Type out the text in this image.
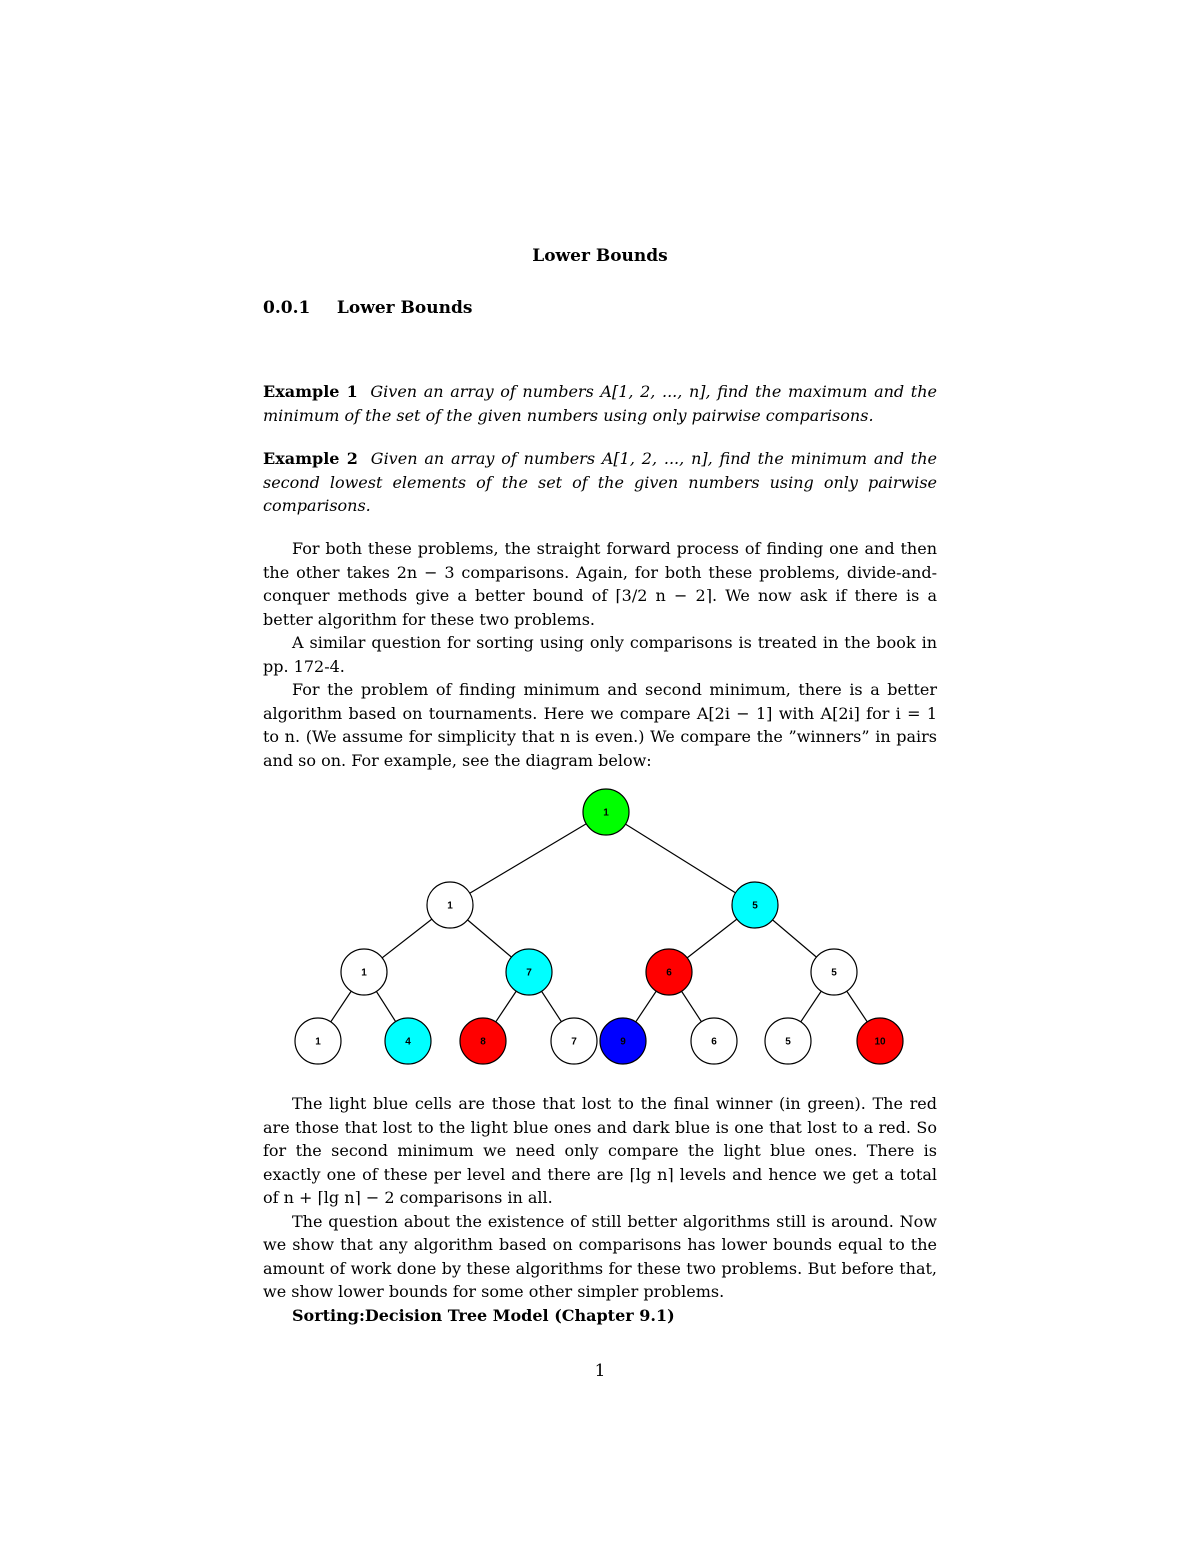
Lower Bounds
0.0.1 Lower Bounds
Example 1 Given an array of numbers A[1, 2, ..., n], find the maximum and the minimum of the set of the given numbers using only pairwise comparisons.
Example 2 Given an array of numbers A[1, 2, ..., n], find the minimum and the second lowest elements of the set of the given numbers using only pairwise comparisons.

For both these problems, the straight forward process of finding one and then the other takes 2n − 3 comparisons. Again, for both these problems, divide-and-conquer methods give a better bound of ⌈3/2 n − 2⌉. We now ask if there is a better algorithm for these two problems.

A similar question for sorting using only comparisons is treated in the book in pp. 172-4.

For the problem of finding minimum and second minimum, there is a better algorithm based on tournaments. Here we compare A[2i − 1] with A[2i] for i = 1 to n. (We assume for simplicity that n is even.) We compare the ”winners” in pairs and so on. For example, see the diagram below:

1
1	5
1	7	6	5
1	4	8	7	9	6	5	10

The light blue cells are those that lost to the final winner (in green). The red are those that lost to the light blue ones and dark blue is one that lost to a red. So for the second minimum we need only compare the light blue ones. There is exactly one of these per level and there are ⌈lg n⌉ levels and hence we get a total of n + ⌈lg n⌉ − 2 comparisons in all.

The question about the existence of still better algorithms still is around. Now we show that any algorithm based on comparisons has lower bounds equal to the amount of work done by these algorithms for these two problems. But before that, we show lower bounds for some other simpler problems.

Sorting:Decision Tree Model (Chapter 9.1)

1
